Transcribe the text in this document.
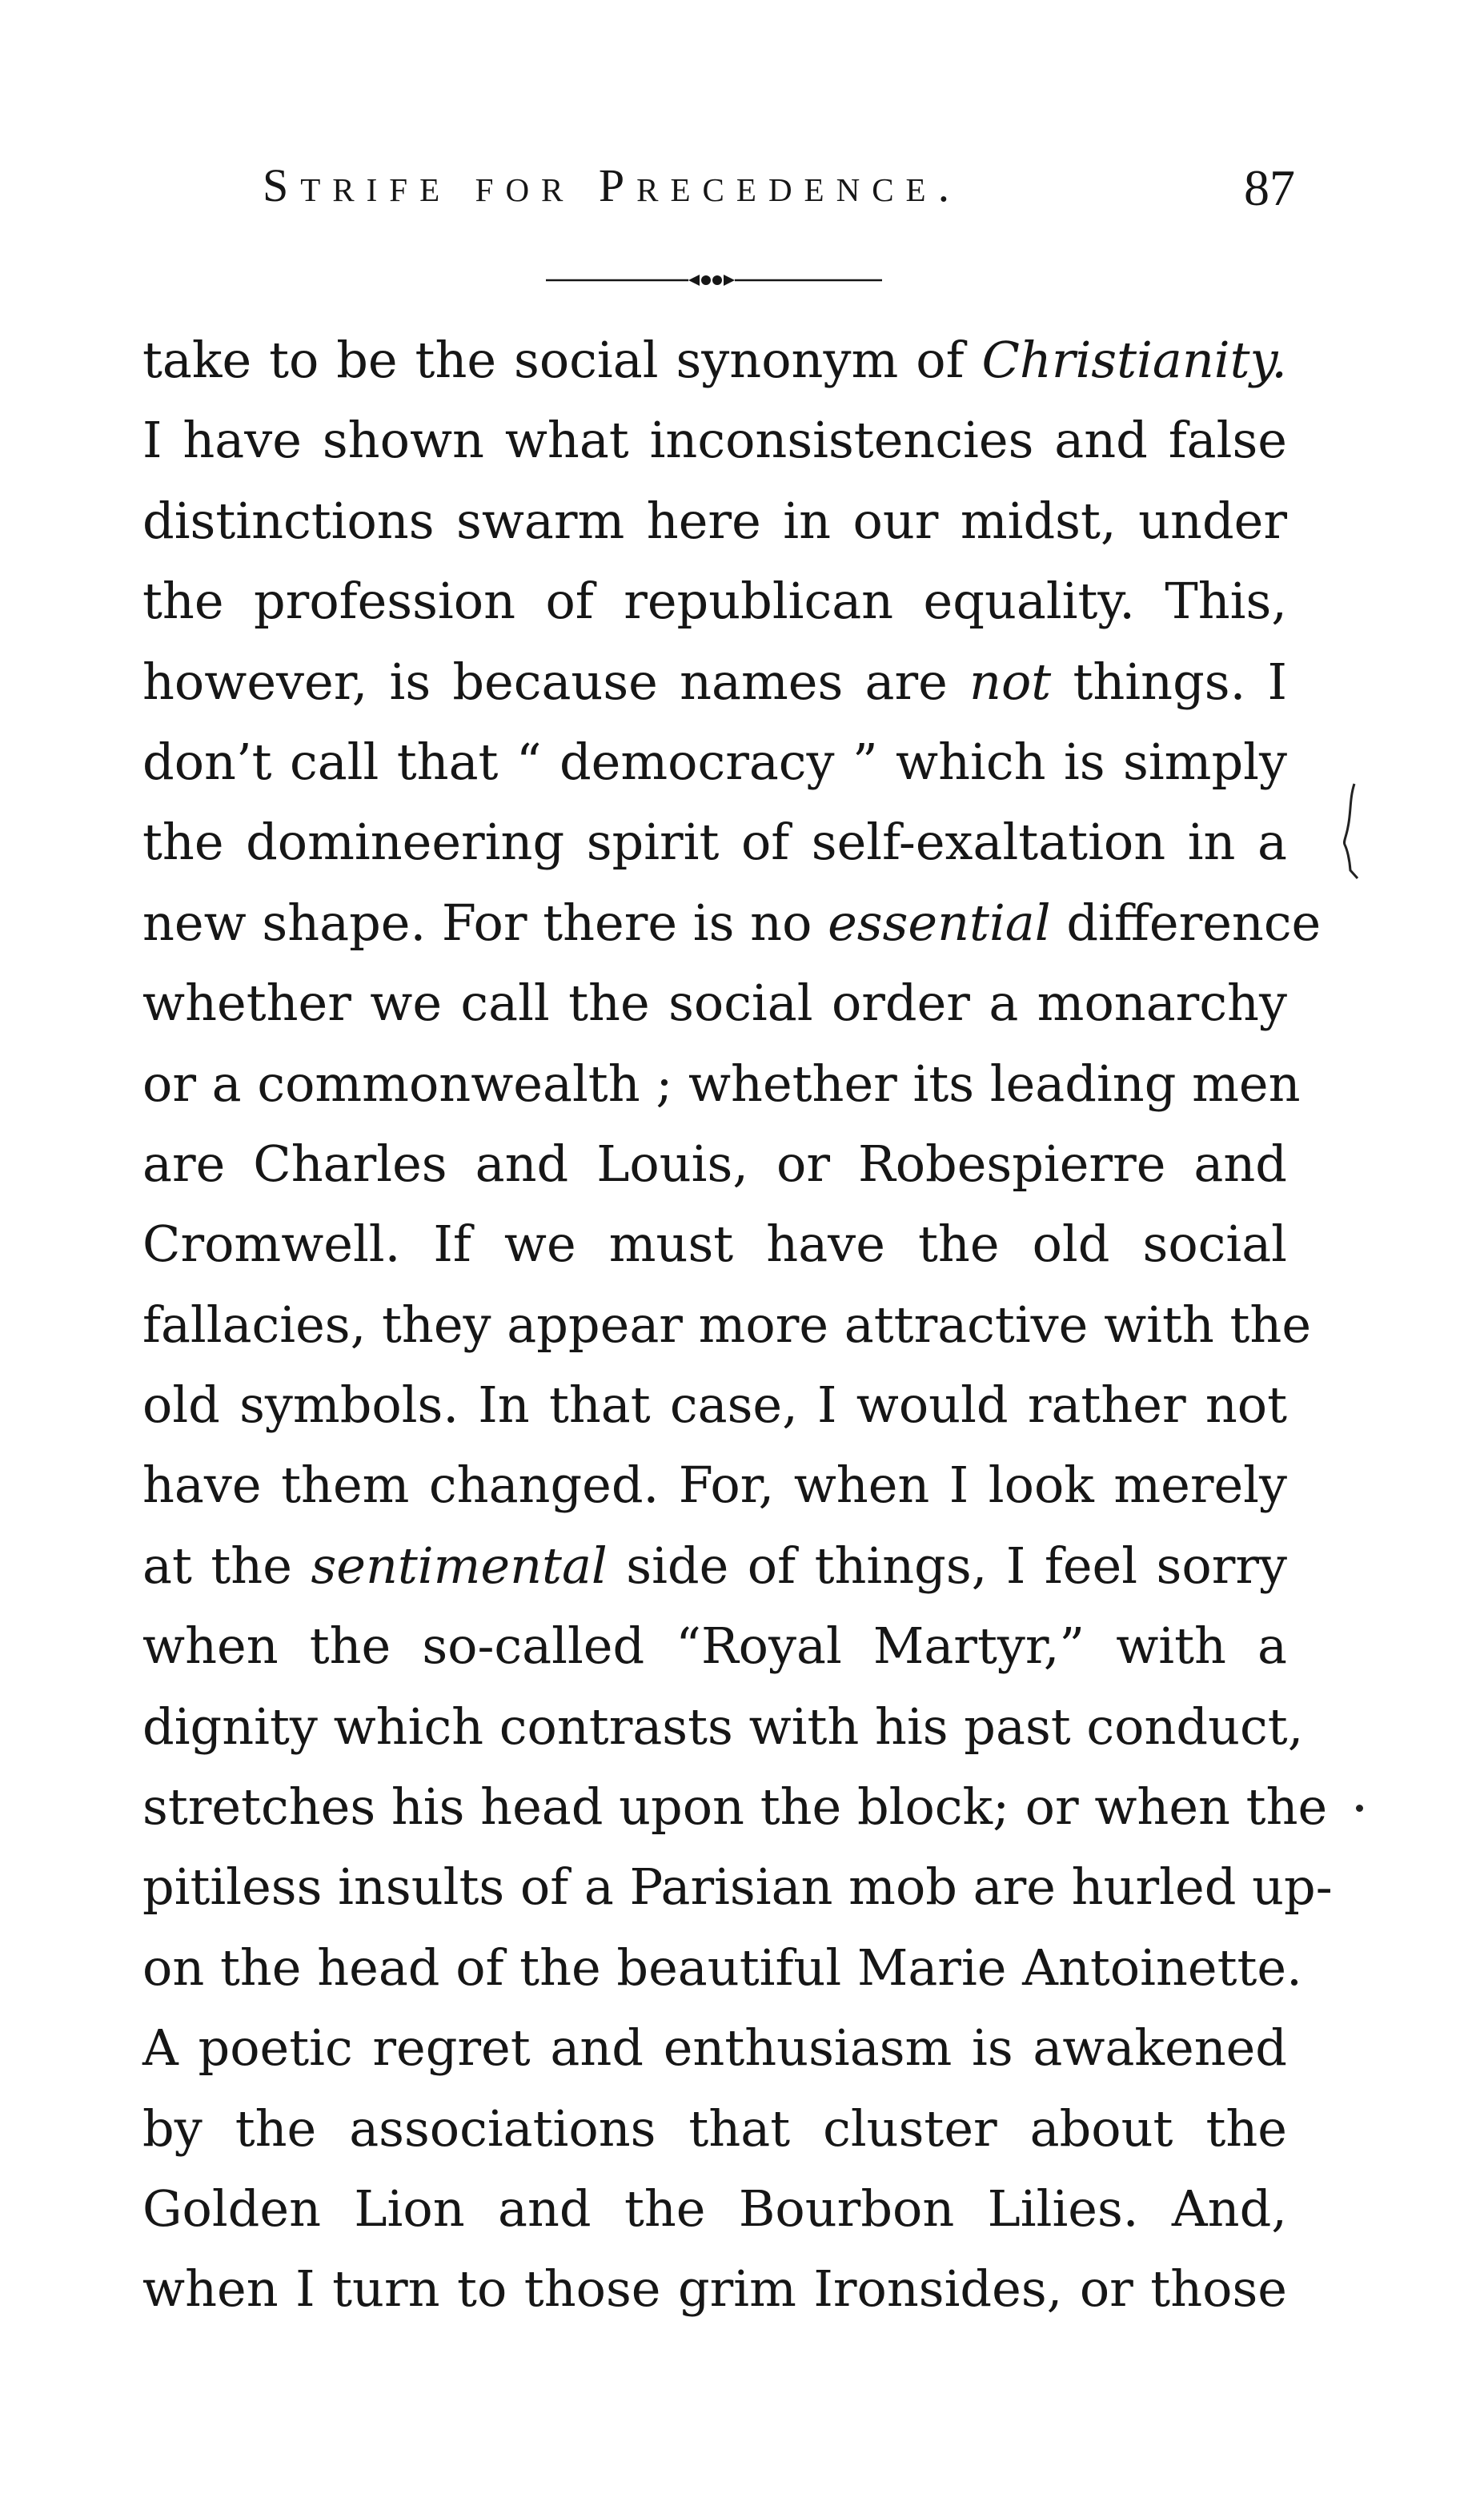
Strife for Precedence.	87
take to be the social synonym of Christianity.
I have shown what inconsistencies and false
distinctions swarm here in our midst, under
the profession of republican equality. This,
however, is because names are not things. I
don’t call that “ democracy ” which is simply
the domineering spirit of self-exaltation in a
new shape. For there is no essential difference
whether we call the social order a monarchy
or a commonwealth ; whether its leading men
are Charles and Louis, or Robespierre and
Cromwell. If we must have the old social
fallacies, they appear more attractive with the
old symbols. In that case, I would rather not
have them changed. For, when I look merely
at the sentimental side of things, I feel sorry
when the so-called “Royal Martyr,” with a
dignity which contrasts with his past conduct,
stretches his head upon the block; or when the
pitiless insults of a Parisian mob are hurled up-
on the head of the beautiful Marie Antoinette.
A poetic regret and enthusiasm is awakened
by the associations that cluster about the
Golden Lion and the Bourbon Lilies. And,
when I turn to those grim Ironsides, or those
